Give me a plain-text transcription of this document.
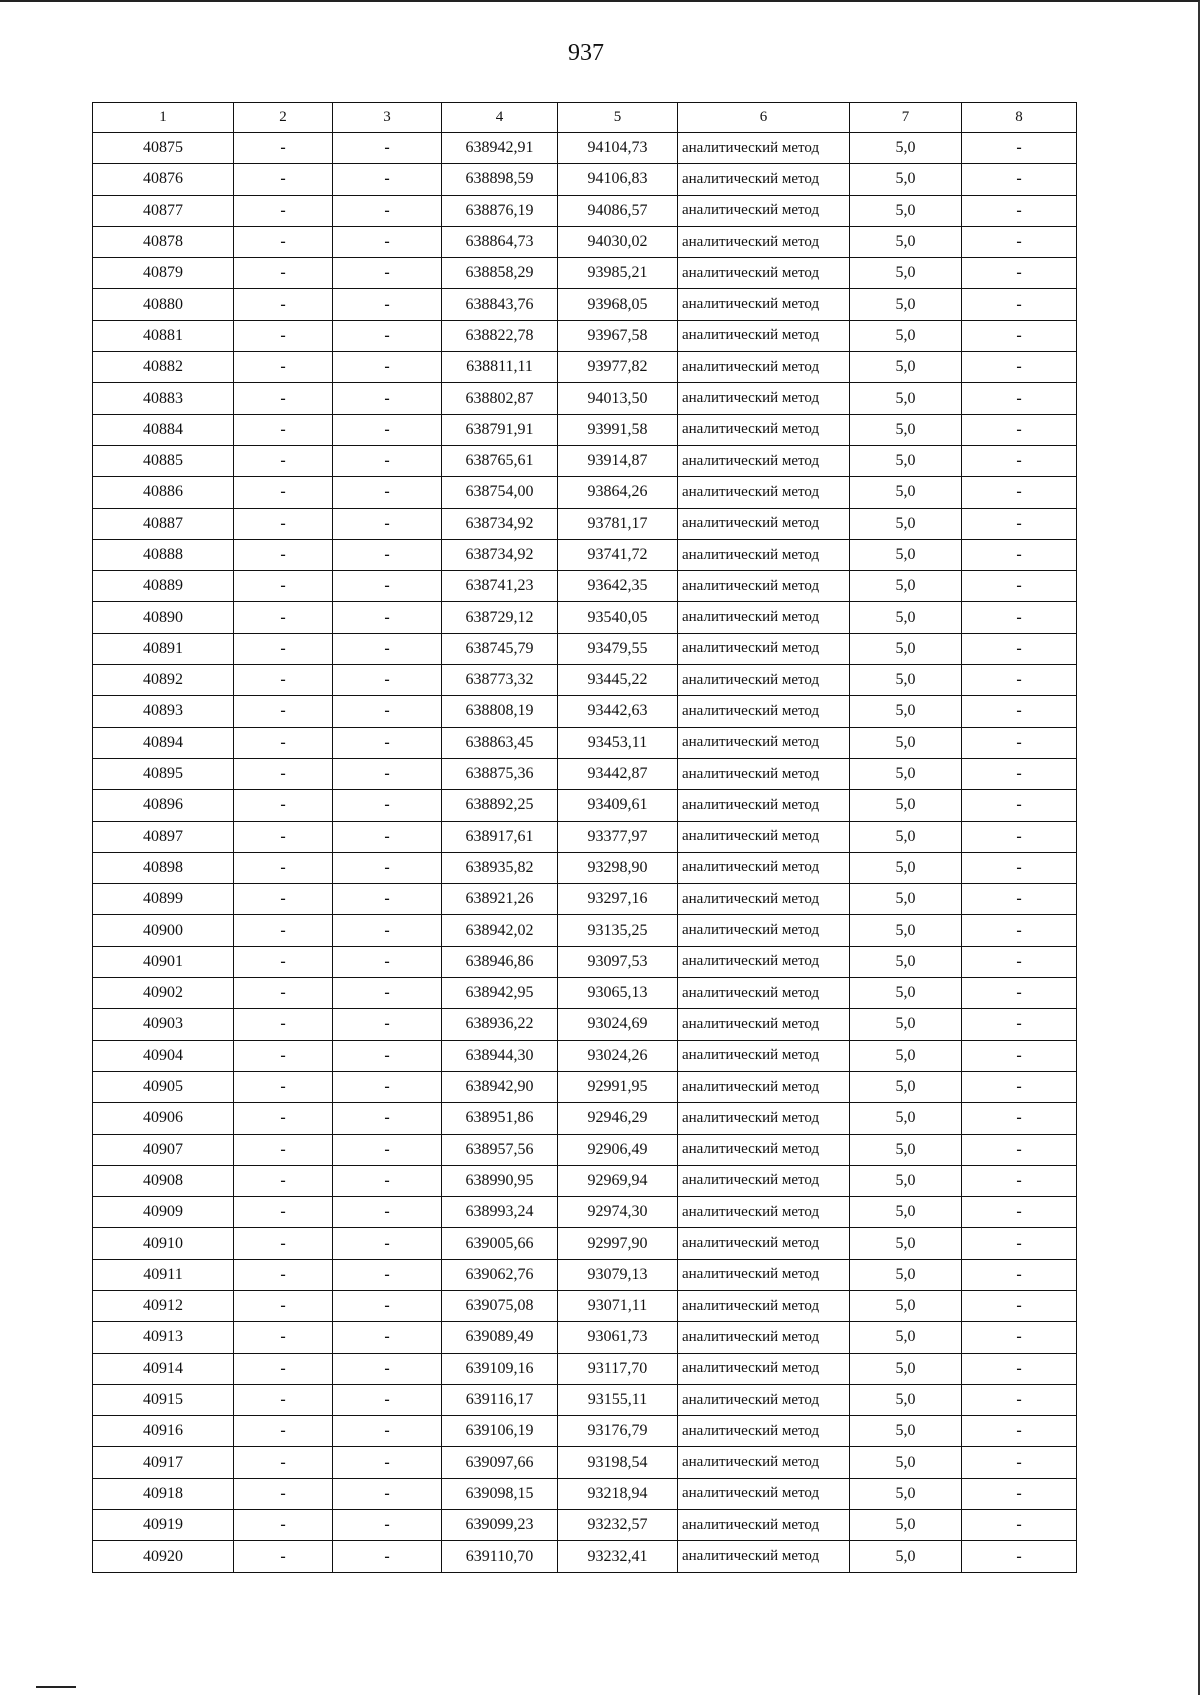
937
1	2	3	4	5	6	7	8
40875	-	-	638942,91	94104,73	аналитический метод	5,0	-
40876	-	-	638898,59	94106,83	аналитический метод	5,0	-
40877	-	-	638876,19	94086,57	аналитический метод	5,0	-
40878	-	-	638864,73	94030,02	аналитический метод	5,0	-
40879	-	-	638858,29	93985,21	аналитический метод	5,0	-
40880	-	-	638843,76	93968,05	аналитический метод	5,0	-
40881	-	-	638822,78	93967,58	аналитический метод	5,0	-
40882	-	-	638811,11	93977,82	аналитический метод	5,0	-
40883	-	-	638802,87	94013,50	аналитический метод	5,0	-
40884	-	-	638791,91	93991,58	аналитический метод	5,0	-
40885	-	-	638765,61	93914,87	аналитический метод	5,0	-
40886	-	-	638754,00	93864,26	аналитический метод	5,0	-
40887	-	-	638734,92	93781,17	аналитический метод	5,0	-
40888	-	-	638734,92	93741,72	аналитический метод	5,0	-
40889	-	-	638741,23	93642,35	аналитический метод	5,0	-
40890	-	-	638729,12	93540,05	аналитический метод	5,0	-
40891	-	-	638745,79	93479,55	аналитический метод	5,0	-
40892	-	-	638773,32	93445,22	аналитический метод	5,0	-
40893	-	-	638808,19	93442,63	аналитический метод	5,0	-
40894	-	-	638863,45	93453,11	аналитический метод	5,0	-
40895	-	-	638875,36	93442,87	аналитический метод	5,0	-
40896	-	-	638892,25	93409,61	аналитический метод	5,0	-
40897	-	-	638917,61	93377,97	аналитический метод	5,0	-
40898	-	-	638935,82	93298,90	аналитический метод	5,0	-
40899	-	-	638921,26	93297,16	аналитический метод	5,0	-
40900	-	-	638942,02	93135,25	аналитический метод	5,0	-
40901	-	-	638946,86	93097,53	аналитический метод	5,0	-
40902	-	-	638942,95	93065,13	аналитический метод	5,0	-
40903	-	-	638936,22	93024,69	аналитический метод	5,0	-
40904	-	-	638944,30	93024,26	аналитический метод	5,0	-
40905	-	-	638942,90	92991,95	аналитический метод	5,0	-
40906	-	-	638951,86	92946,29	аналитический метод	5,0	-
40907	-	-	638957,56	92906,49	аналитический метод	5,0	-
40908	-	-	638990,95	92969,94	аналитический метод	5,0	-
40909	-	-	638993,24	92974,30	аналитический метод	5,0	-
40910	-	-	639005,66	92997,90	аналитический метод	5,0	-
40911	-	-	639062,76	93079,13	аналитический метод	5,0	-
40912	-	-	639075,08	93071,11	аналитический метод	5,0	-
40913	-	-	639089,49	93061,73	аналитический метод	5,0	-
40914	-	-	639109,16	93117,70	аналитический метод	5,0	-
40915	-	-	639116,17	93155,11	аналитический метод	5,0	-
40916	-	-	639106,19	93176,79	аналитический метод	5,0	-
40917	-	-	639097,66	93198,54	аналитический метод	5,0	-
40918	-	-	639098,15	93218,94	аналитический метод	5,0	-
40919	-	-	639099,23	93232,57	аналитический метод	5,0	-
40920	-	-	639110,70	93232,41	аналитический метод	5,0	-
